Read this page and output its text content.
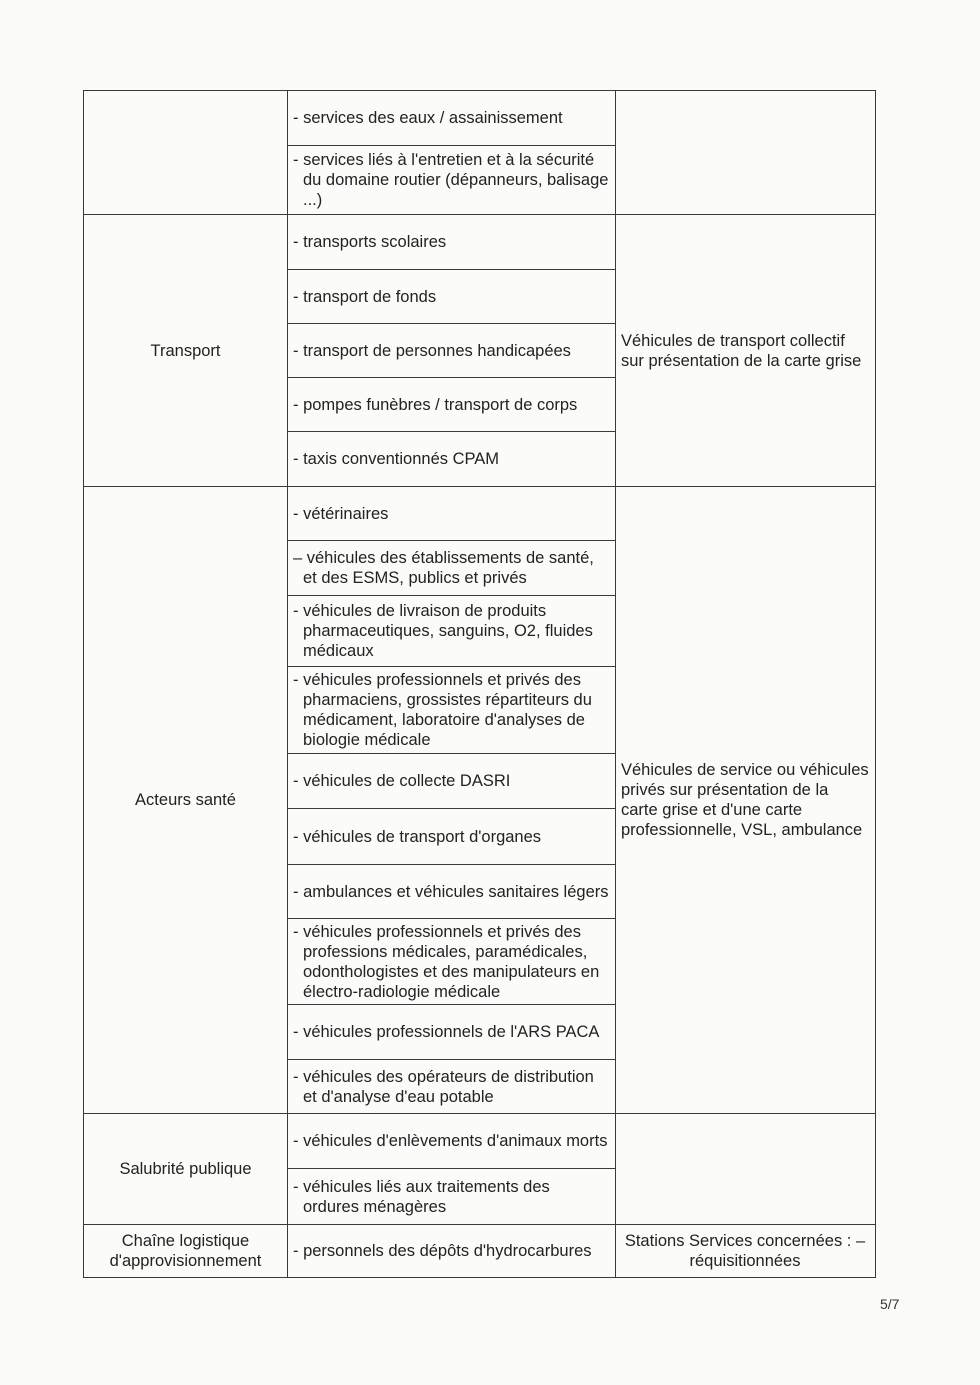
	- services des eaux / assainissement	

	- services liés à l'entretien et à la sécurité du domaine routier (dépanneurs, balisage ...)	

Transport	- transports scolaires	Véhicules de transport collectif sur présentation de la carte grise

	- transport de fonds	

	- transport de personnes handicapées	

	- pompes funèbres / transport de corps	

	- taxis conventionnés CPAM	

Acteurs santé	- vétérinaires	Véhicules de service ou véhicules privés sur présentation de la carte grise et d'une carte professionnelle, VSL, ambulance

	– véhicules des établissements de santé, et des ESMS, publics et privés	

	- véhicules de livraison de produits pharmaceutiques, sanguins, O2, fluides médicaux	

	- véhicules professionnels et privés des pharmaciens, grossistes répartiteurs du médicament, laboratoire d'analyses de biologie médicale	

	- véhicules de collecte DASRI	

	- véhicules de transport d'organes	

	- ambulances et véhicules sanitaires légers	

	- véhicules professionnels et privés des professions médicales, paramédicales, odonthologistes et des manipulateurs en électro-radiologie médicale	

	- véhicules professionnels de l'ARS PACA	

	- véhicules des opérateurs de distribution et d'analyse d'eau potable	

Salubrité publique	- véhicules d'enlèvements d'animaux morts	

	- véhicules liés aux traitements des ordures ménagères	

Chaîne logistique d'approvisionnement	- personnels des dépôts d'hydrocarbures	Stations Services concernées : – réquisitionnées
5/7
